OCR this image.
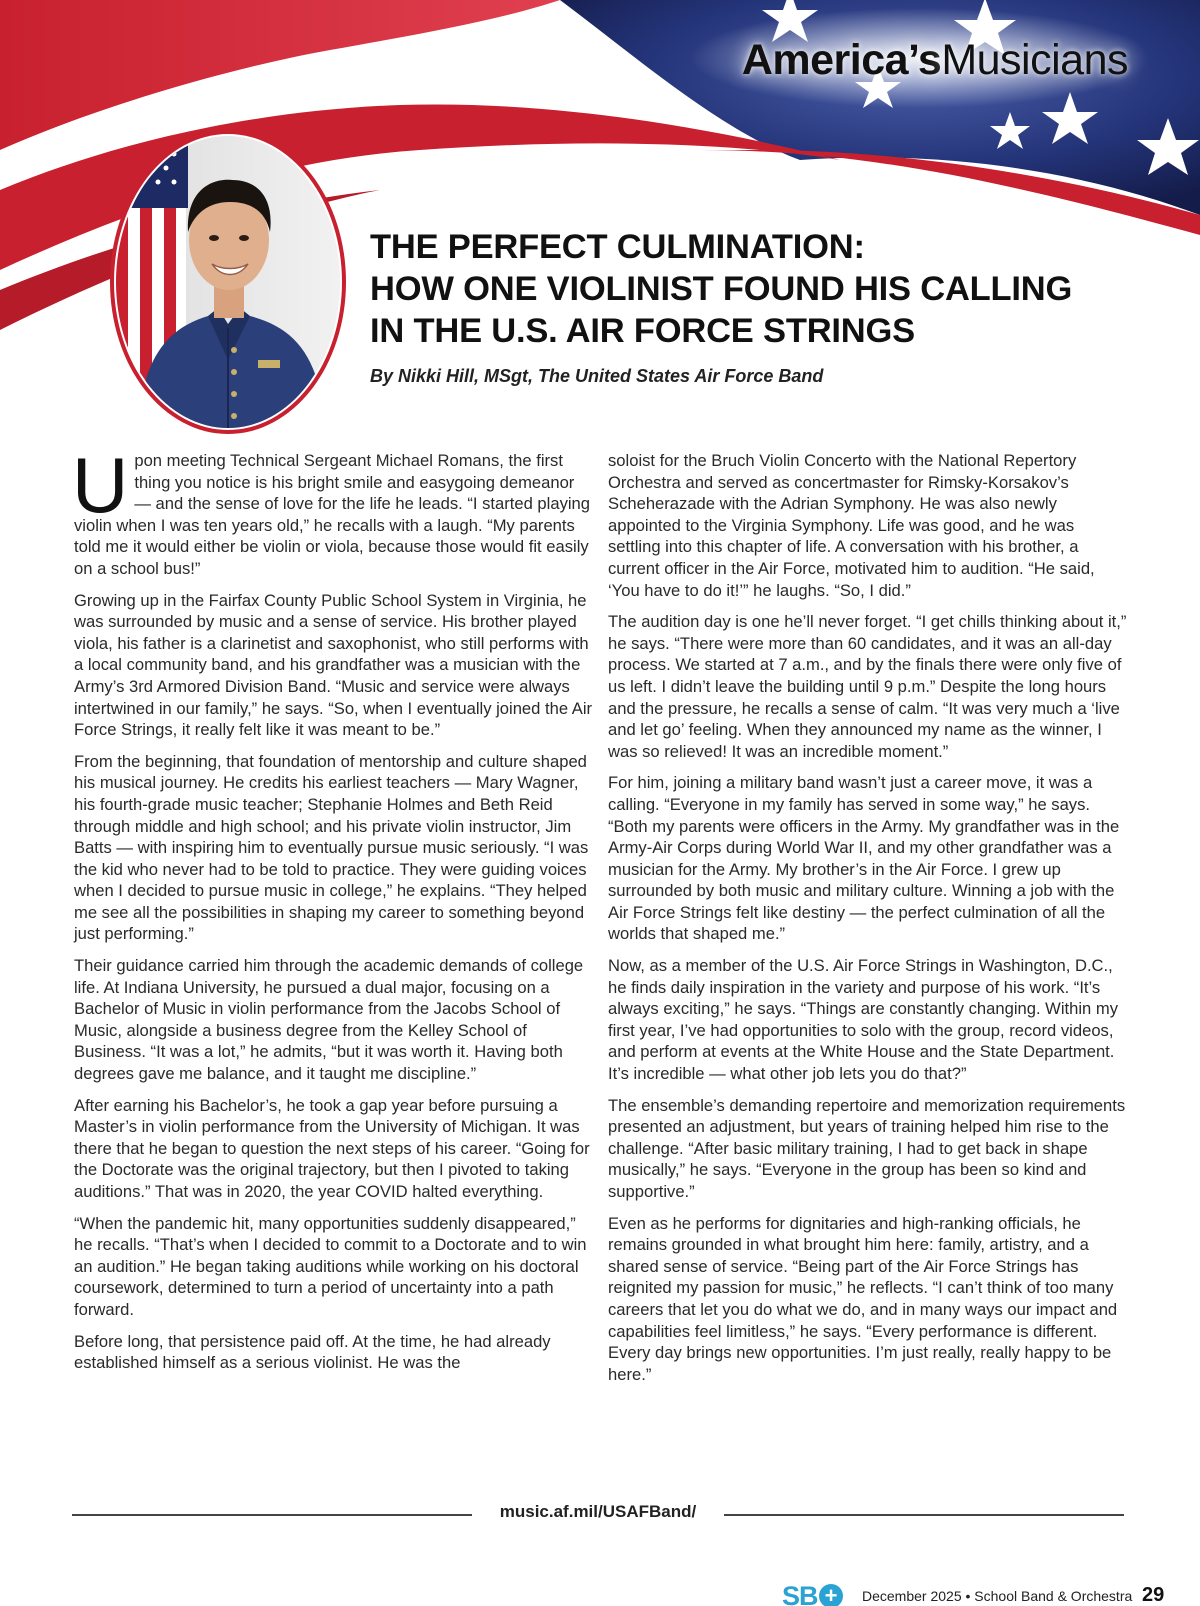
America’sMusicians
THE PERFECT CULMINATION:
HOW ONE VIOLINIST FOUND HIS CALLING
IN THE U.S. AIR FORCE STRINGS
By Nikki Hill, MSgt, The United States Air Force Band

Upon meeting Technical Sergeant Michael Romans, the first thing you notice is his bright smile and easygoing demeanor — and the sense of love for the life he leads. “I started playing violin when I was ten years old,” he recalls with a laugh. “My parents told me it would either be violin or viola, because those would fit easily on a school bus!”

Growing up in the Fairfax County Public School System in Virginia, he was surrounded by music and a sense of service. His brother played viola, his father is a clarinetist and saxophonist, who still performs with a local community band, and his grandfather was a musician with the Army’s 3rd Armored Division Band. “Music and service were always intertwined in our family,” he says. “So, when I eventually joined the Air Force Strings, it really felt like it was meant to be.”

From the beginning, that foundation of mentorship and culture shaped his musical journey. He credits his earliest teachers — Mary Wagner, his fourth-grade music teacher; Stephanie Holmes and Beth Reid through middle and high school; and his private violin instructor, Jim Batts — with inspiring him to eventually pursue music seriously. “I was the kid who never had to be told to practice. They were guiding voices when I decided to pursue music in college,” he explains. “They helped me see all the possibilities in shaping my career to something beyond just performing.”

Their guidance carried him through the academic demands of college life. At Indiana University, he pursued a dual major, focusing on a Bachelor of Music in violin performance from the Jacobs School of Music, alongside a business degree from the Kelley School of Business. “It was a lot,” he admits, “but it was worth it. Having both degrees gave me balance, and it taught me discipline.”

After earning his Bachelor’s, he took a gap year before pursuing a Master’s in violin performance from the University of Michigan. It was there that he began to question the next steps of his career. “Going for the Doctorate was the original trajectory, but then I pivoted to taking auditions.” That was in 2020, the year COVID halted everything.

“When the pandemic hit, many opportunities suddenly disappeared,” he recalls. “That’s when I decided to commit to a Doctorate and to win an audition.” He began taking auditions while working on his doctoral coursework, determined to turn a period of uncertainty into a path forward.

Before long, that persistence paid off. At the time, he had already established himself as a serious violinist. He was the

soloist for the Bruch Violin Concerto with the National Repertory Orchestra and served as concertmaster for Rimsky-Korsakov’s Scheherazade with the Adrian Symphony. He was also newly appointed to the Virginia Symphony. Life was good, and he was settling into this chapter of life. A conversation with his brother, a current officer in the Air Force, motivated him to audition. “He said, ‘You have to do it!’” he laughs. “So, I did.”

The audition day is one he’ll never forget. “I get chills thinking about it,” he says. “There were more than 60 candidates, and it was an all-day process. We started at 7 a.m., and by the finals there were only five of us left. I didn’t leave the building until 9 p.m.” Despite the long hours and the pressure, he recalls a sense of calm. “It was very much a ‘live and let go’ feeling. When they announced my name as the winner, I was so relieved! It was an incredible moment.”

For him, joining a military band wasn’t just a career move, it was a calling. “Everyone in my family has served in some way,” he says. “Both my parents were officers in the Army. My grandfather was in the Army-Air Corps during World War II, and my other grandfather was a musician for the Army. My brother’s in the Air Force. I grew up surrounded by both music and military culture. Winning a job with the Air Force Strings felt like destiny — the perfect culmination of all the worlds that shaped me.”

Now, as a member of the U.S. Air Force Strings in Washington, D.C., he finds daily inspiration in the variety and purpose of his work. “It’s always exciting,” he says. “Things are constantly changing. Within my first year, I’ve had opportunities to solo with the group, record videos, and perform at events at the White House and the State Department. It’s incredible — what other job lets you do that?”

The ensemble’s demanding repertoire and memorization requirements presented an adjustment, but years of training helped him rise to the challenge. “After basic military training, I had to get back in shape musically,” he says. “Everyone in the group has been so kind and supportive.”

Even as he performs for dignitaries and high-ranking officials, he remains grounded in what brought him here: family, artistry, and a shared sense of service. “Being part of the Air Force Strings has reignited my passion for music,” he reflects. “I can’t think of too many careers that let you do what we do, and in many ways our impact and capabilities feel limitless,” he says. “Every performance is different. Every day brings new opportunities. I’m just really, really happy to be here.”

music.af.mil/USAFBand/
SB +	December 2025 • School Band & Orchestra 29
